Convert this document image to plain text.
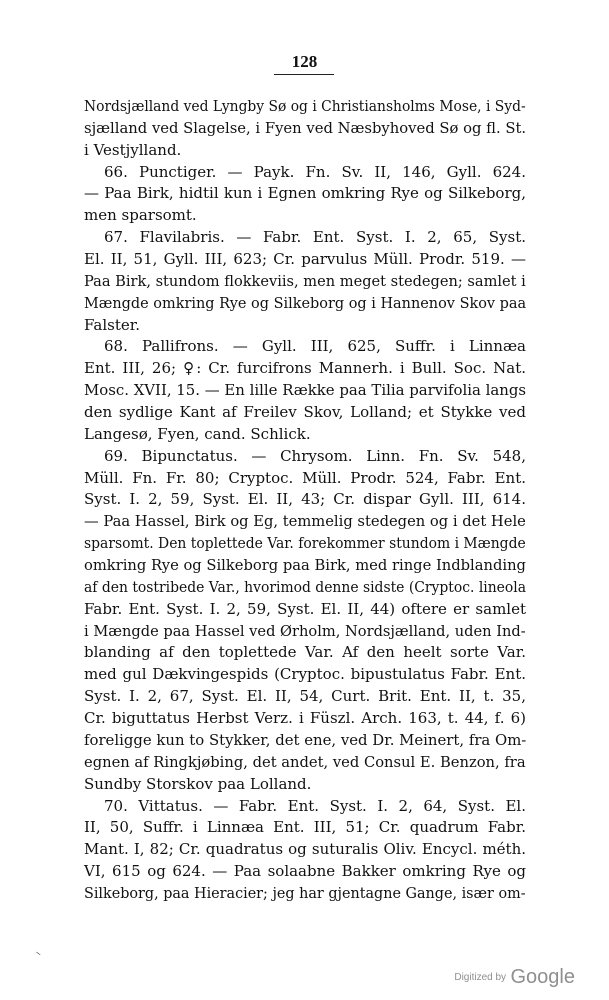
128
Nordsjælland ved Lyngby Sø og i Christiansholms Mose, i Syd-
sjælland ved Slagelse, i Fyen ved Næsbyhoved Sø og fl. St.
i Vestjylland.
66. Punctiger. — Payk. Fn. Sv. II, 146, Gyll. 624.
— Paa Birk, hidtil kun i Egnen omkring Rye og Silkeborg,
men sparsomt.
67. Flavilabris. — Fabr. Ent. Syst. I. 2, 65, Syst.
El. II, 51, Gyll. III, 623; Cr. parvulus Müll. Prodr. 519. —
Paa Birk, stundom flokkeviis, men meget stedegen; samlet i
Mængde omkring Rye og Silkeborg og i Hannenov Skov paa
Falster.
68. Pallifrons. — Gyll. III, 625, Suffr. i Linnæa
Ent. III, 26; ♀: Cr. furcifrons Mannerh. i Bull. Soc. Nat.
Mosc. XVII, 15. — En lille Række paa Tilia parvifolia langs
den sydlige Kant af Freilev Skov, Lolland; et Stykke ved
Langesø, Fyen, cand. Schlick.
69. Bipunctatus. — Chrysom. Linn. Fn. Sv. 548,
Müll. Fn. Fr. 80; Cryptoc. Müll. Prodr. 524, Fabr. Ent.
Syst. I. 2, 59, Syst. El. II, 43; Cr. dispar Gyll. III, 614.
— Paa Hassel, Birk og Eg, temmelig stedegen og i det Hele
sparsomt. Den toplettede Var. forekommer stundom i Mængde
omkring Rye og Silkeborg paa Birk, med ringe Indblanding
af den tostribede Var., hvorimod denne sidste (Cryptoc. lineola
Fabr. Ent. Syst. I. 2, 59, Syst. El. II, 44) oftere er samlet
i Mængde paa Hassel ved Ørholm, Nordsjælland, uden Ind-
blanding af den toplettede Var. Af den heelt sorte Var.
med gul Dækvingespids (Cryptoc. bipustulatus Fabr. Ent.
Syst. I. 2, 67, Syst. El. II, 54, Curt. Brit. Ent. II, t. 35,
Cr. biguttatus Herbst Verz. i Füszl. Arch. 163, t. 44, f. 6)
foreligge kun to Stykker, det ene, ved Dr. Meinert, fra Om-
egnen af Ringkjøbing, det andet, ved Consul E. Benzon, fra
Sundby Storskov paa Lolland.
70. Vittatus. — Fabr. Ent. Syst. I. 2, 64, Syst. El.
II, 50, Suffr. i Linnæa Ent. III, 51; Cr. quadrum Fabr.
Mant. I, 82; Cr. quadratus og suturalis Oliv. Encycl. méth.
VI, 615 og 624. — Paa solaabne Bakker omkring Rye og
Silkeborg, paa Hieracier; jeg har gjentagne Gange, især om-
⁻
Digitized by Google
